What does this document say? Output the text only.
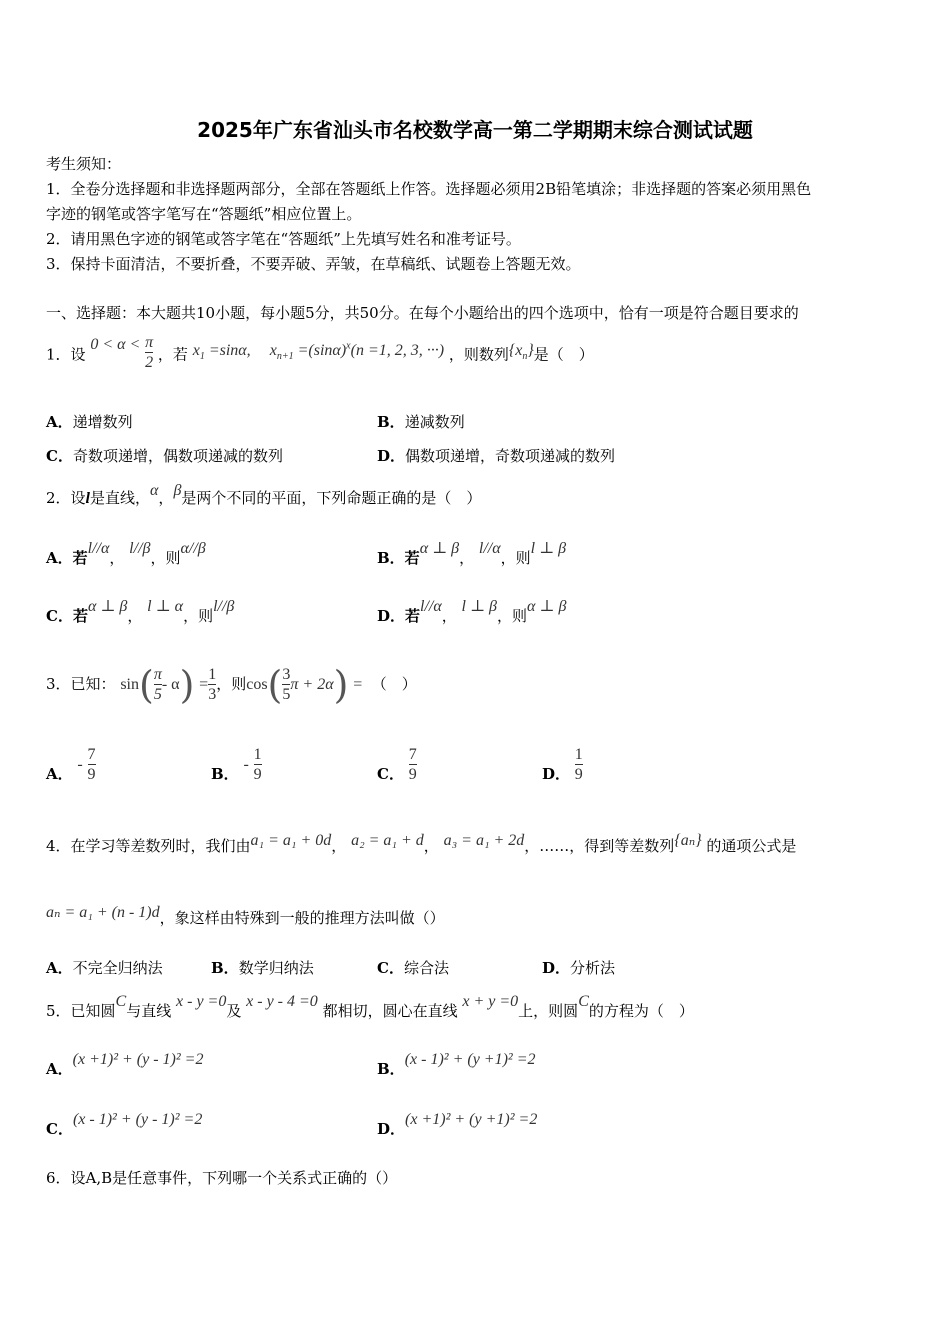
2025年广东省汕头市名校数学高一第二学期期末综合测试试题
考生须知：
1．全卷分选择题和非选择题两部分，全部在答题纸上作答。选择题必须用2B铅笔填涂；非选择题的答案必须用黑色
字迹的钢笔或答字笔写在“答题纸”相应位置上。
2．请用黑色字迹的钢笔或答字笔在“答题纸”上先填写姓名和准考证号。
3．保持卡面清洁，不要折叠，不要弄破、弄皱，在草稿纸、试题卷上答题无效。
一、选择题：本大题共10小题，每小题5分，共50分。在每个小题给出的四个选项中，恰有一项是符合题目要求的
1．设 $0 < \alpha < \frac{\pi}{2}$ ，若 $x_1 =\sin\alpha$, $x_{n+1} =(\sin\alpha)^x(n =1$, 2, 3, ···) ，则数列$\{x_n\}$是（　）
A．递增数列	B．递减数列
C．奇数项递增，偶数项递减的数列	D．偶数项递增，奇数项递减的数列
2．设l是直线，α，β是两个不同的平面，下列命题正确的是（　）
A．若l//α， l//β，则α//β
B．若α ⊥ β， l//α，则l ⊥ β
C．若α ⊥ β， l ⊥ α，则l//β
D．若l//α， l ⊥ β，则α ⊥ β
3．已知： $\sin( \frac{\pi}{5} - \alpha) = \frac{1}{3}$ ，则$\cos( \frac{3}{5}$ π + 2α) = （　）
A． - $\frac{7}{9}$	B． - $\frac{1}{9}$	C． $\frac{7}{9}$	D． $\frac{1}{9}$
4．在学习等差数列时，我们由a₁ = a₁ + 0d， a₂ = a₁ + d， a₃ = a₁ + 2d，……，得到等差数列{aₙ} 的通项公式是
aₙ = a₁ + (n - 1)d，象这样由特殊到一般的推理方法叫做（）
A．不完全归纳法	B．数学归纳法	C．综合法	D．分析法
5．已知圆C与直线 x - y =0及 x - y - 4 =0 都相切，圆心在直线 x + y =0上，则圆C的方程为（　）
A．(x +1)² + (y - 1)² =2
B．(x - 1)² + (y +1)² =2
C．(x - 1)² + (y - 1)² =2
D．(x +1)² + (y +1)² =2
6．设A,B是任意事件，下列哪一个关系式正确的（）
